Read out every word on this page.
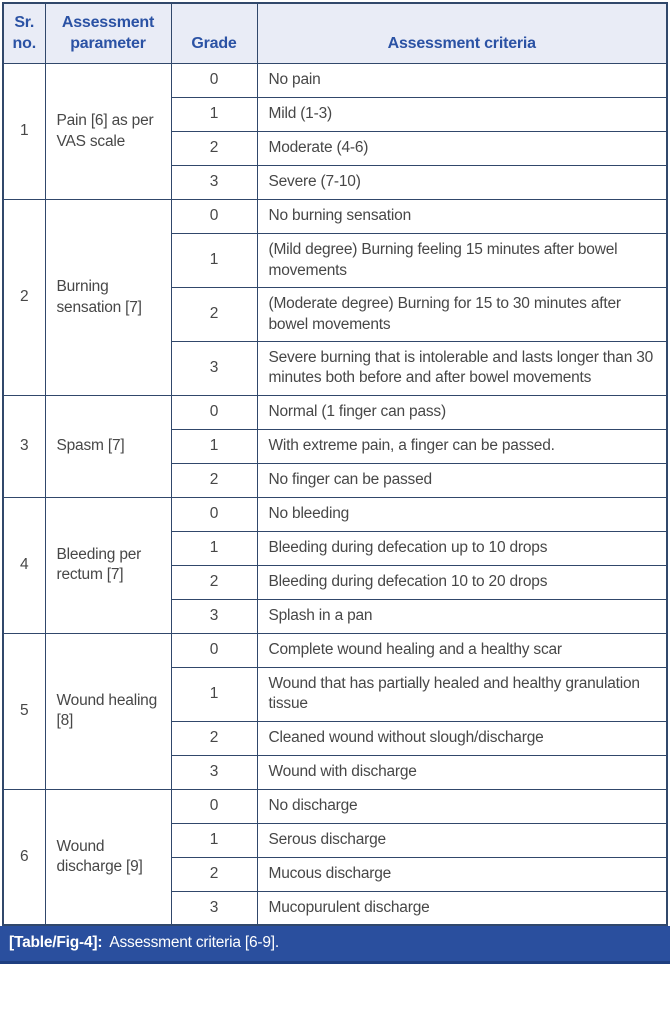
Sr. no.	Assessment parameter	Grade	Assessment criteria
1	Pain [6] as per VAS scale	0	No pain
		1	Mild (1-3)
		2	Moderate (4-6)
		3	Severe (7-10)
2	Burning sensation [7]	0	No burning sensation
		1	(Mild degree) Burning feeling 15 minutes after bowel movements
		2	(Moderate degree) Burning for 15 to 30 minutes after bowel movements
		3	Severe burning that is intolerable and lasts longer than 30 minutes both before and after bowel movements
3	Spasm [7]	0	Normal (1 finger can pass)
		1	With extreme pain, a finger can be passed.
		2	No finger can be passed
4	Bleeding per rectum [7]	0	No bleeding
		1	Bleeding during defecation up to 10 drops
		2	Bleeding during defecation 10 to 20 drops
		3	Splash in a pan
5	Wound healing [8]	0	Complete wound healing and a healthy scar
		1	Wound that has partially healed and healthy granulation tissue
		2	Cleaned wound without slough/discharge
		3	Wound with discharge
6	Wound discharge [9]	0	No discharge
		1	Serous discharge
		2	Mucous discharge
		3	Mucopurulent discharge
[Table/Fig-4]: Assessment criteria [6-9].
